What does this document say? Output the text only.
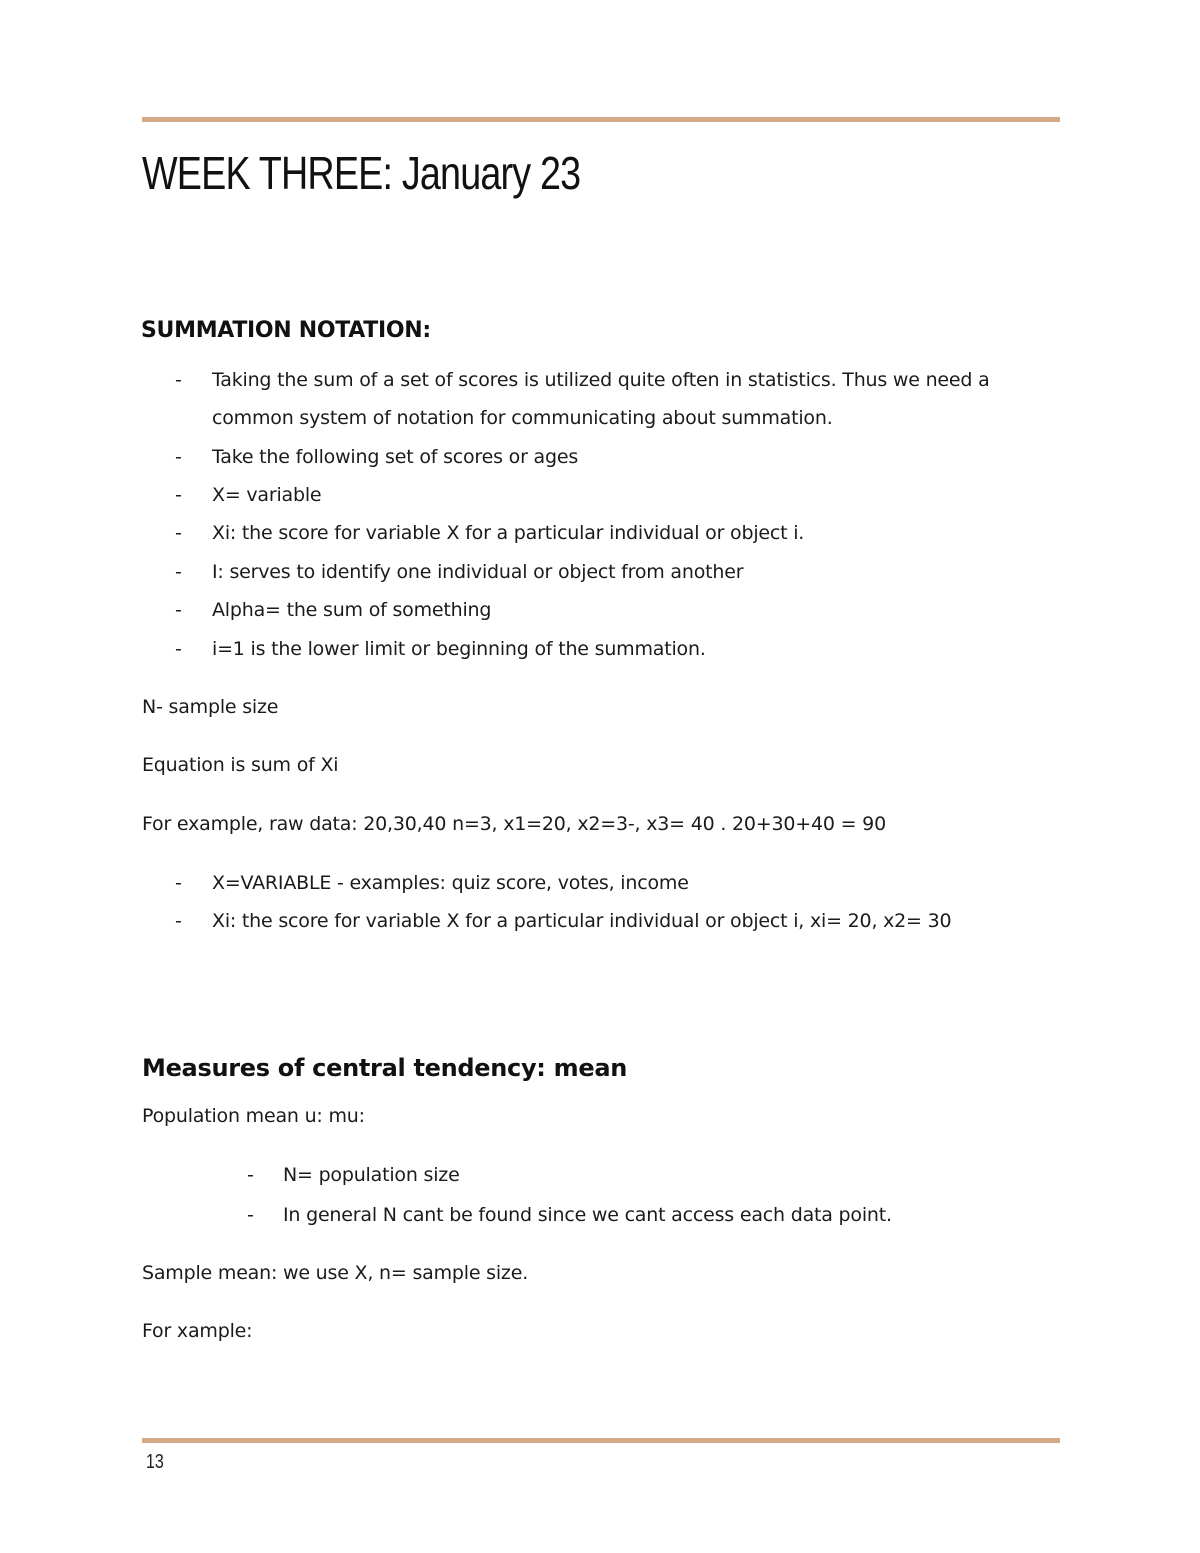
WEEK THREE: January 23
SUMMATION NOTATION:
- Taking the sum of a set of scores is utilized quite often in statistics. Thus we need a
common system of notation for communicating about summation.
- Take the following set of scores or ages
- X= variable
- Xi: the score for variable X for a particular individual or object i.
- I: serves to identify one individual or object from another
- Alpha= the sum of something
- i=1 is the lower limit or beginning of the summation.

N- sample size

Equation is sum of Xi

For example, raw data: 20,30,40 n=3, x1=20, x2=3-, x3= 40 . 20+30+40 = 90

- X=VARIABLE - examples: quiz score, votes, income
- Xi: the score for variable X for a particular individual or object i, xi= 20, x2= 30
Measures of central tendency: mean

Population mean u: mu:

- N= population size
- In general N cant be found since we cant access each data point.

Sample mean: we use X, n= sample size.

For xample:

13
